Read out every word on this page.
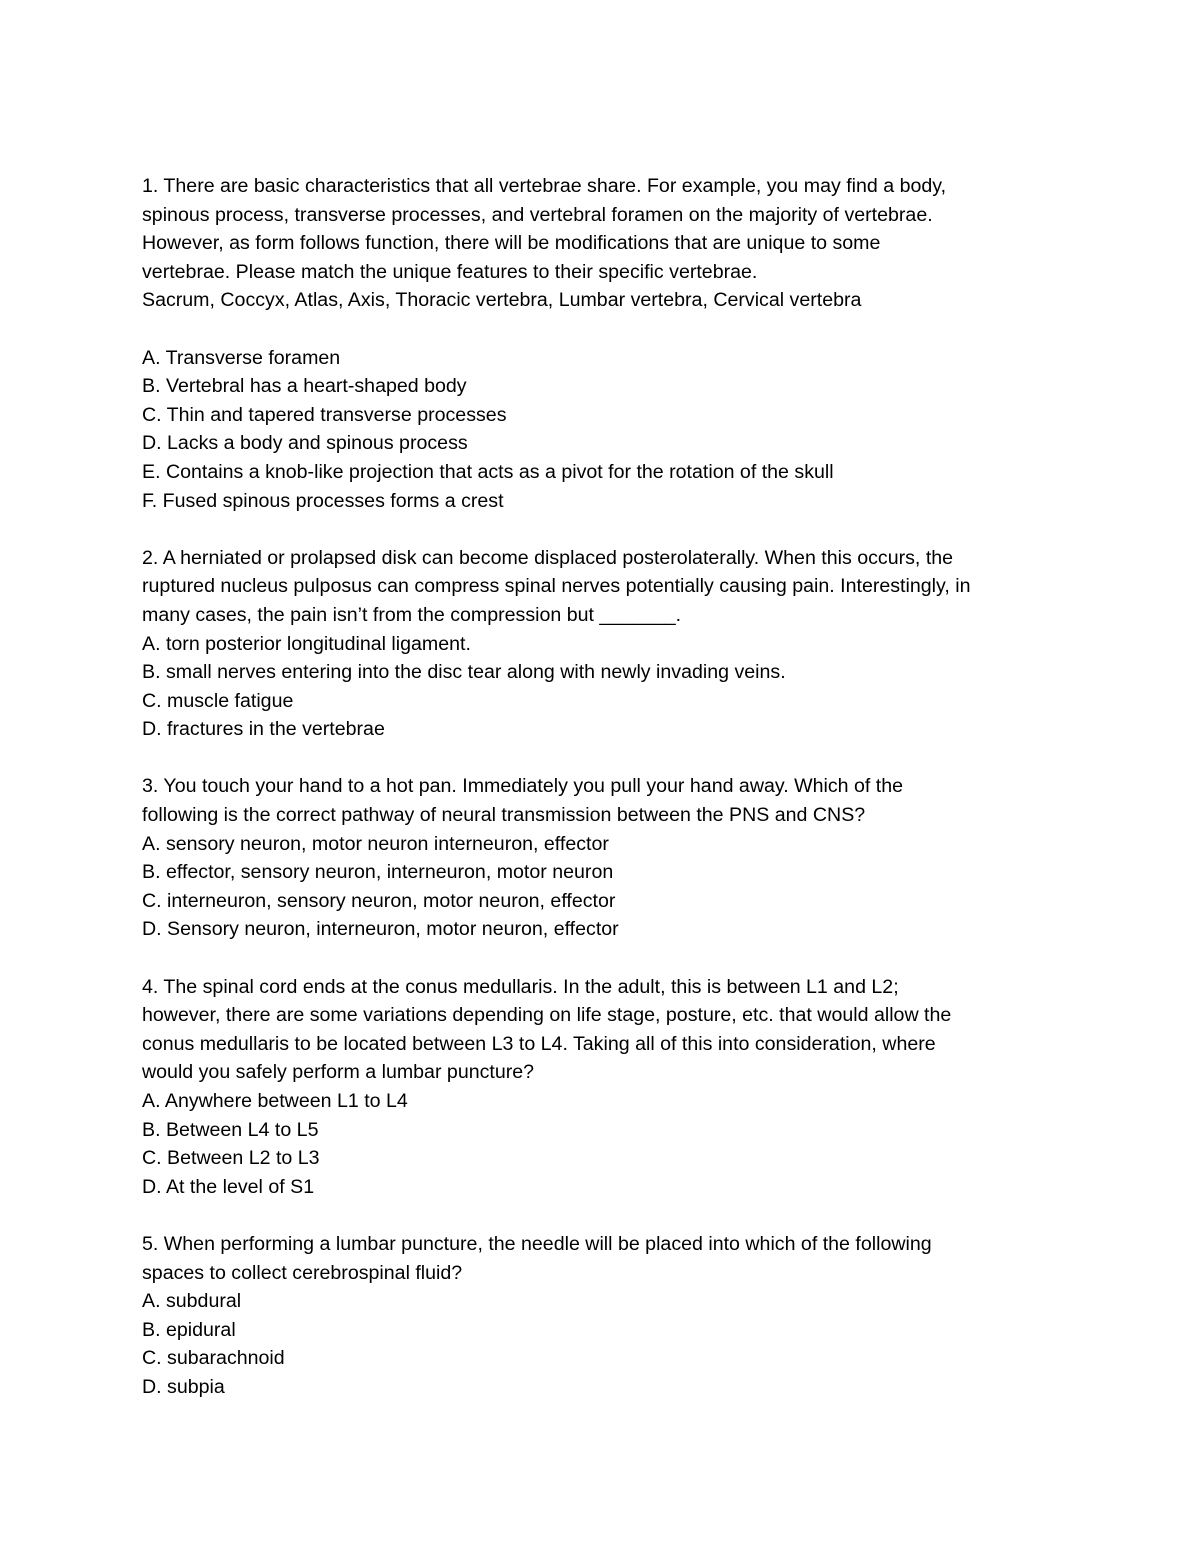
1. There are basic characteristics that all vertebrae share. For example, you may find a body,
spinous process, transverse processes, and vertebral foramen on the majority of vertebrae.
However, as form follows function, there will be modifications that are unique to some
vertebrae. Please match the unique features to their specific vertebrae.
Sacrum, Coccyx, Atlas, Axis, Thoracic vertebra, Lumbar vertebra, Cervical vertebra
A. Transverse foramen
B. Vertebral has a heart-shaped body
C. Thin and tapered transverse processes
D. Lacks a body and spinous process
E. Contains a knob-like projection that acts as a pivot for the rotation of the skull
F. Fused spinous processes forms a crest
2. A herniated or prolapsed disk can become displaced posterolaterally. When this occurs, the
ruptured nucleus pulposus can compress spinal nerves potentially causing pain. Interestingly, in
many cases, the pain isn’t from the compression but _______.
A. torn posterior longitudinal ligament.
B. small nerves entering into the disc tear along with newly invading veins.
C. muscle fatigue
D. fractures in the vertebrae
3. You touch your hand to a hot pan. Immediately you pull your hand away. Which of the
following is the correct pathway of neural transmission between the PNS and CNS?
A. sensory neuron, motor neuron interneuron, effector
B. effector, sensory neuron, interneuron, motor neuron
C. interneuron, sensory neuron, motor neuron, effector
D. Sensory neuron, interneuron, motor neuron, effector
4. The spinal cord ends at the conus medullaris. In the adult, this is between L1 and L2;
however, there are some variations depending on life stage, posture, etc. that would allow the
conus medullaris to be located between L3 to L4. Taking all of this into consideration, where
would you safely perform a lumbar puncture?
A. Anywhere between L1 to L4
B. Between L4 to L5
C. Between L2 to L3
D. At the level of S1
5. When performing a lumbar puncture, the needle will be placed into which of the following
spaces to collect cerebrospinal fluid?
A. subdural
B. epidural
C. subarachnoid
D. subpia
